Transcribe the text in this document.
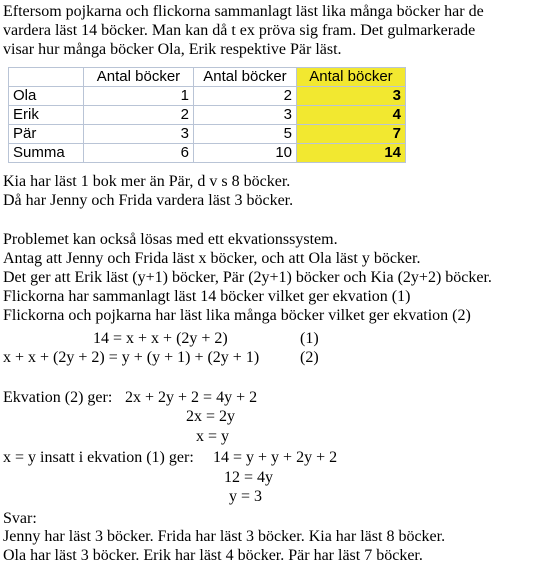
Eftersom pojkarna och flickorna sammanlagt läst lika många böcker har de
vardera läst 14 böcker. Man kan då t ex pröva sig fram. Det gulmarkerade
visar hur många böcker Ola, Erik respektive Pär läst.
	Antal böcker	Antal böcker	Antal böcker
Ola	1	2	3
Erik	2	3	4
Pär	3	5	7
Summa	6	10	14
Kia har läst 1 bok mer än Pär, d v s 8 böcker.
Då har Jenny och Frida vardera läst 3 böcker.
Problemet kan också lösas med ett ekvationssystem.
Antag att Jenny och Frida läst x böcker, och att Ola läst y böcker.
Det ger att Erik läst (y+1) böcker, Pär (2y+1) böcker och Kia (2y+2) böcker.
Flickorna har sammanlagt läst 14 böcker vilket ger ekvation (1)
Flickorna och pojkarna har läst lika många böcker vilket ger ekvation (2)
14 = x + x + (2y + 2)	(1)
x + x + (2y + 2) = y + (y + 1) + (2y + 1)	(2)
Ekvation (2) ger: 2x + 2y + 2 = 4y + 2
2x = 2y
x = y
x = y insatt i ekvation (1) ger: 14 = y + y + 2y + 2
12 = 4y
y = 3
Svar:
Jenny har läst 3 böcker. Frida har läst 3 böcker. Kia har läst 8 böcker.
Ola har läst 3 böcker. Erik har läst 4 böcker. Pär har läst 7 böcker.
